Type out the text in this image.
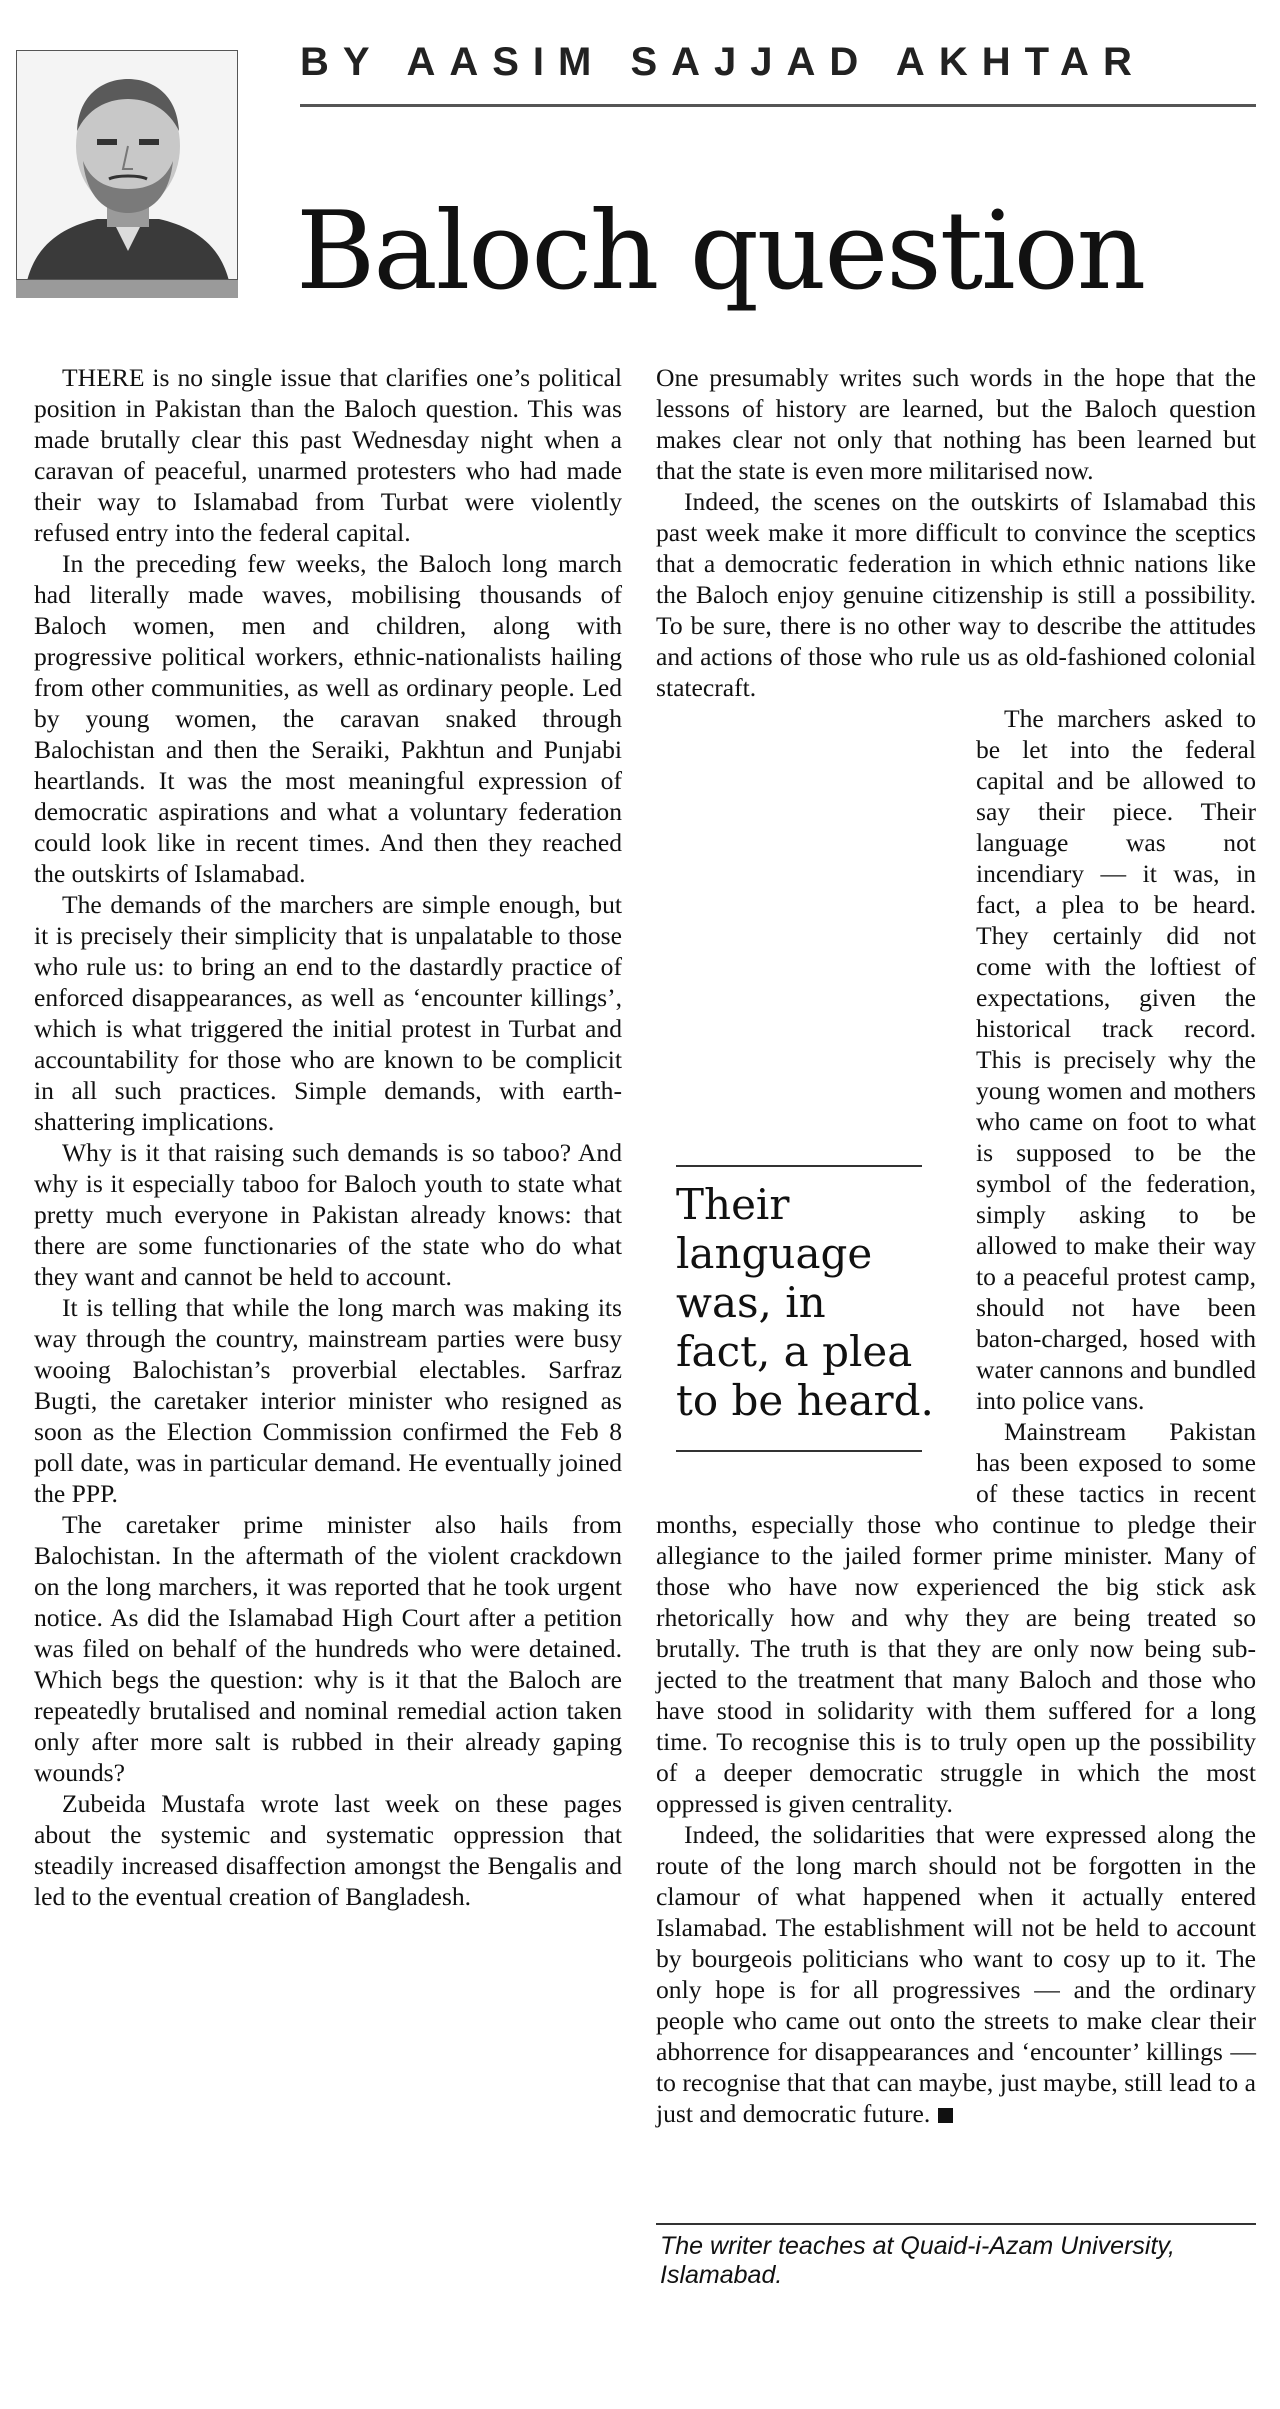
BY AASIM SAJJAD AKHTAR
Baloch question

THERE is no single issue that clarifies one’s political position in Pakistan than the Baloch question. This was made brutally clear this past Wednesday night when a caravan of peaceful, unarmed protesters who had made their way to Islamabad from Turbat were violently refused entry into the federal capital.

In the preceding few weeks, the Baloch long march had literally made waves, mobilising thousands of Baloch women, men and children, along with progressive political workers, ethnic-nationalists hailing from other communities, as well as ordinary people. Led by young women, the caravan snaked through Balochistan and then the Seraiki, Pakhtun and Punjabi heartlands. It was the most meaningful expression of democratic aspirations and what a voluntary federation could look like in recent times. And then they reached the outskirts of Islamabad.

The demands of the marchers are simple enough, but it is precisely their simplicity that is unpalatable to those who rule us: to bring an end to the dastardly practice of enforced disappearances, as well as ‘encounter killings’, which is what triggered the initial protest in Turbat and accountability for those who are known to be complicit in all such practices. Simple demands, with earth-shattering implications.

Why is it that raising such demands is so taboo? And why is it especially taboo for Baloch youth to state what pretty much everyone in Pakistan already knows: that there are some functionaries of the state who do what they want and cannot be held to account.

It is telling that while the long march was making its way through the country, mainstream parties were busy wooing Balochistan’s proverbial electables. Sarfraz Bugti, the caretaker interior minister who resigned as soon as the Election Commission confirmed the Feb 8 poll date, was in particular demand. He eventually joined the PPP.

The caretaker prime minister also hails from Balochistan. In the aftermath of the violent crackdown on the long marchers, it was reported that he took urgent notice. As did the Islamabad High Court after a petition was filed on behalf of the hundreds who were detained. Which begs the question: why is it that the Baloch are repeatedly brutalised and nominal remedial action taken only after more salt is rubbed in their already gaping wounds?

Zubeida Mustafa wrote last week on these pages about the systemic and systematic oppression that steadily increased disaffection amongst the Bengalis and led to the eventual creation of Bangladesh.

One presumably writes such words in the hope that the lessons of history are learned, but the Baloch question makes clear not only that nothing has been learned but that the state is even more militarised now.

Indeed, the scenes on the outskirts of Islamabad this past week make it more difficult to convince the sceptics that a democratic federation in which ethnic nations like the Baloch enjoy genuine citizenship is still a possibility. To be sure, there is no other way to describe the attitudes and actions of those who rule us as old-fashioned colonial statecraft.

The marchers asked to be let into the federal capital and be allowed to say their piece. Their language was not incendiary — it was, in fact, a plea to be heard. They certainly did not come with the loftiest of expectations, given the historical track record. This is precisely why the young women and mothers who came on foot to what is supposed to be the symbol of the federation, simply asking to be allowed to make their way to a peaceful protest camp, should not have been baton-charged, hosed with water cannons and bundled into police vans.

Mainstream Pakistan has been exposed to some of these tactics in recent months, especially those who continue to pledge their allegiance to the jailed former prime minister. Many of those who have now experienced the big stick ask rhetorically how and why they are being treated so brutally. The truth is that they are only now being subjected to the treatment that many Baloch and those who have stood in solidarity with them suffered for a long time. To recognise this is to truly open up the possibility of a deeper democratic struggle in which the most oppressed is given centrality.

Indeed, the solidarities that were expressed along the route of the long march should not be forgotten in the clamour of what happened when it actually entered Islamabad. The establishment will not be held to account by bourgeois politicians who want to cosy up to it. The only hope is for all progressives — and the ordinary people who came out onto the streets to make clear their abhorrence for disappearances and ‘encounter’ killings — to recognise that that can maybe, just maybe, still lead to a just and democratic future.

Their
language
was, in
fact, a plea
to be heard.
The writer teaches at Quaid-i-Azam University, Islamabad.
